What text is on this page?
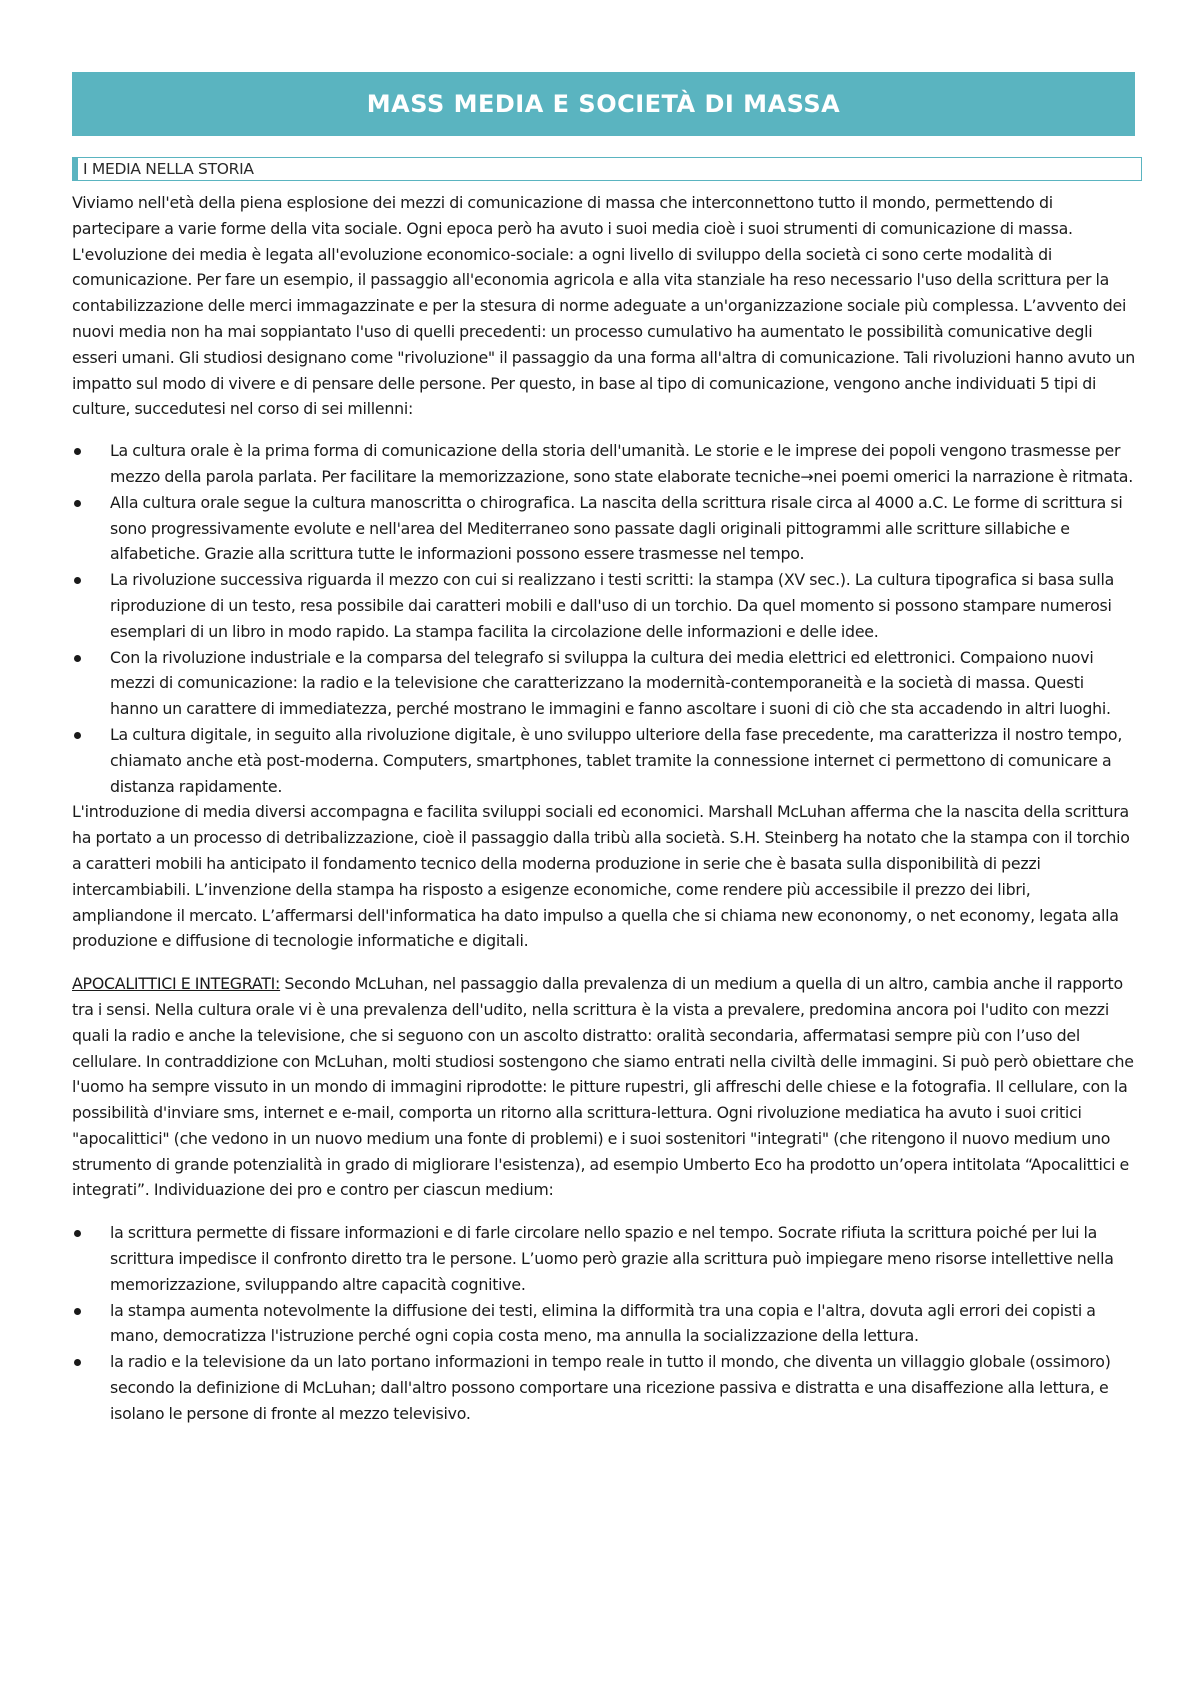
MASS MEDIA E SOCIETÀ DI MASSA
I MEDIA NELLA STORIA

Viviamo nell'età della piena esplosione dei mezzi di comunicazione di massa che interconnettono tutto il mondo, permettendo di partecipare a varie forme della vita sociale. Ogni epoca però ha avuto i suoi media cioè i suoi strumenti di comunicazione di massa. L'evoluzione dei media è legata all'evoluzione economico-sociale: a ogni livello di sviluppo della società ci sono certe modalità di comunicazione. Per fare un esempio, il passaggio all'economia agricola e alla vita stanziale ha reso necessario l'uso della scrittura per la contabilizzazione delle merci immagazzinate e per la stesura di norme adeguate a un'organizzazione sociale più complessa. L’avvento dei nuovi media non ha mai soppiantato l'uso di quelli precedenti: un processo cumulativo ha aumentato le possibilità comunicative degli esseri umani. Gli studiosi designano come "rivoluzione" il passaggio da una forma all'altra di comunicazione. Tali rivoluzioni hanno avuto un impatto sul modo di vivere e di pensare delle persone. Per questo, in base al tipo di comunicazione, vengono anche individuati 5 tipi di culture, succedutesi nel corso di sei millenni:

La cultura orale è la prima forma di comunicazione della storia dell'umanità. Le storie e le imprese dei popoli vengono trasmesse per mezzo della parola parlata. Per facilitare la memorizzazione, sono state elaborate tecniche→nei poemi omerici la narrazione è ritmata.
Alla cultura orale segue la cultura manoscritta o chirografica. La nascita della scrittura risale circa al 4000 a.C. Le forme di scrittura si sono progressivamente evolute e nell'area del Mediterraneo sono passate dagli originali pittogrammi alle scritture sillabiche e alfabetiche. Grazie alla scrittura tutte le informazioni possono essere trasmesse nel tempo.
La rivoluzione successiva riguarda il mezzo con cui si realizzano i testi scritti: la stampa (XV sec.). La cultura tipografica si basa sulla riproduzione di un testo, resa possibile dai caratteri mobili e dall'uso di un torchio. Da quel momento si possono stampare numerosi esemplari di un libro in modo rapido. La stampa facilita la circolazione delle informazioni e delle idee.
Con la rivoluzione industriale e la comparsa del telegrafo si sviluppa la cultura dei media elettrici ed elettronici. Compaiono nuovi mezzi di comunicazione: la radio e la televisione che caratterizzano la modernità-contemporaneità e la società di massa. Questi hanno un carattere di immediatezza, perché mostrano le immagini e fanno ascoltare i suoni di ciò che sta accadendo in altri luoghi.
La cultura digitale, in seguito alla rivoluzione digitale, è uno sviluppo ulteriore della fase precedente, ma caratterizza il nostro tempo, chiamato anche età post-moderna. Computers, smartphones, tablet tramite la connessione internet ci permettono di comunicare a distanza rapidamente.

L'introduzione di media diversi accompagna e facilita sviluppi sociali ed economici. Marshall McLuhan afferma che la nascita della scrittura ha portato a un processo di detribalizzazione, cioè il passaggio dalla tribù alla società. S.H. Steinberg ha notato che la stampa con il torchio a caratteri mobili ha anticipato il fondamento tecnico della moderna produzione in serie che è basata sulla disponibilità di pezzi intercambiabili. L’invenzione della stampa ha risposto a esigenze economiche, come rendere più accessibile il prezzo dei libri, ampliandone il mercato. L’affermarsi dell'informatica ha dato impulso a quella che si chiama new econonomy, o net economy, legata alla produzione e diffusione di tecnologie informatiche e digitali.

APOCALITTICI E INTEGRATI: Secondo McLuhan, nel passaggio dalla prevalenza di un medium a quella di un altro, cambia anche il rapporto tra i sensi. Nella cultura orale vi è una prevalenza dell'udito, nella scrittura è la vista a prevalere, predomina ancora poi l'udito con mezzi quali la radio e anche la televisione, che si seguono con un ascolto distratto: oralità secondaria, affermatasi sempre più con l’uso del cellulare. In contraddizione con McLuhan, molti studiosi sostengono che siamo entrati nella civiltà delle immagini. Si può però obiettare che l'uomo ha sempre vissuto in un mondo di immagini riprodotte: le pitture rupestri, gli affreschi delle chiese e la fotografia. Il cellulare, con la possibilità d'inviare sms, internet e e-mail, comporta un ritorno alla scrittura-lettura. Ogni rivoluzione mediatica ha avuto i suoi critici "apocalittici" (che vedono in un nuovo medium una fonte di problemi) e i suoi sostenitori "integrati" (che ritengono il nuovo medium uno strumento di grande potenzialità in grado di migliorare l'esistenza), ad esempio Umberto Eco ha prodotto un’opera intitolata “Apocalittici e integrati”. Individuazione dei pro e contro per ciascun medium:

la scrittura permette di fissare informazioni e di farle circolare nello spazio e nel tempo. Socrate rifiuta la scrittura poiché per lui la scrittura impedisce il confronto diretto tra le persone. L’uomo però grazie alla scrittura può impiegare meno risorse intellettive nella memorizzazione, sviluppando altre capacità cognitive.
la stampa aumenta notevolmente la diffusione dei testi, elimina la difformità tra una copia e l'altra, dovuta agli errori dei copisti a mano, democratizza l'istruzione perché ogni copia costa meno, ma annulla la socializzazione della lettura.
la radio e la televisione da un lato portano informazioni in tempo reale in tutto il mondo, che diventa un villaggio globale (ossimoro) secondo la definizione di McLuhan; dall'altro possono comportare una ricezione passiva e distratta e una disaffezione alla lettura, e isolano le persone di fronte al mezzo televisivo.
